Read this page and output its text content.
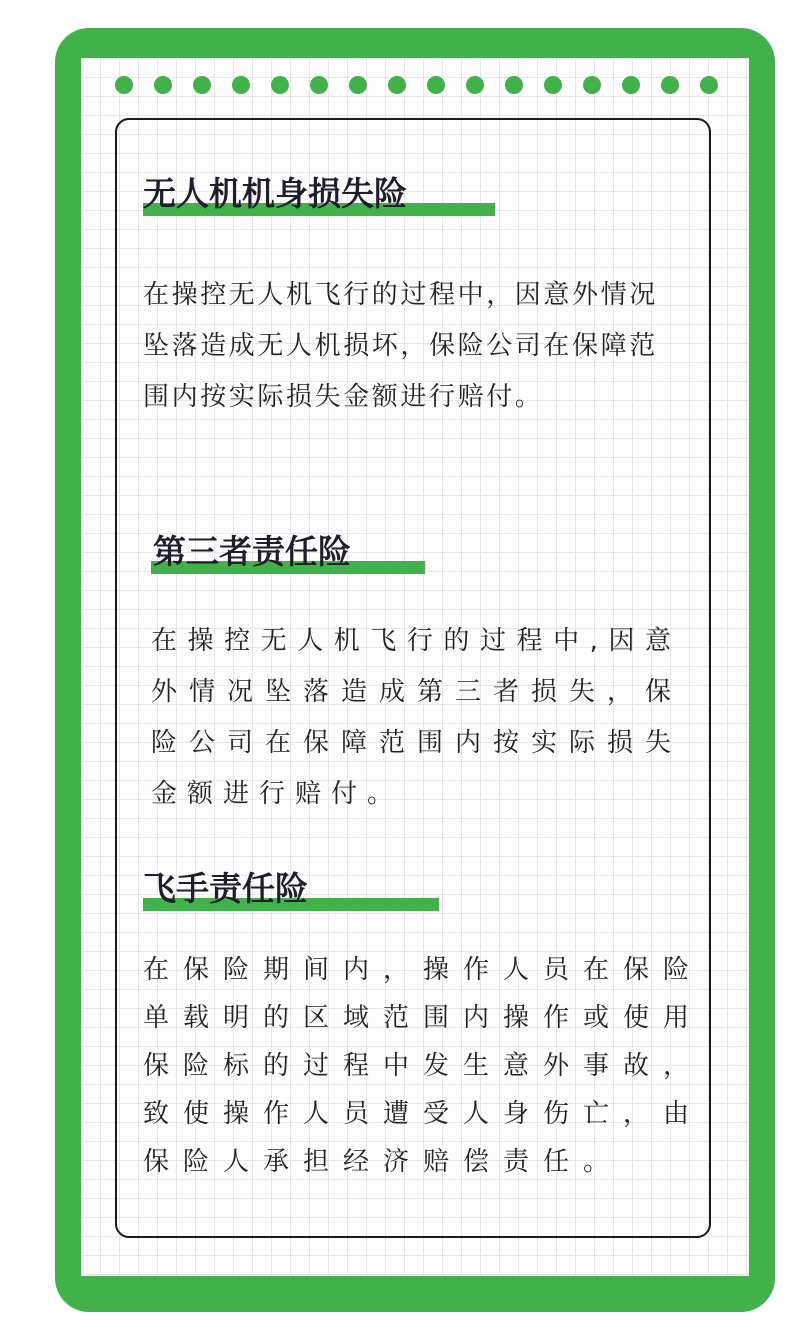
无人机机身损失险
在操控无人机飞行的过程中，因意外情况坠落造成无人机损坏，保险公司在保障范围内按实际损失金额进行赔付。
第三者责任险
在操控无人机飞行的过程中,因意外情况坠落造成第三者损失，保险公司在保障范围内按实际损失金额进行赔付。
飞手责任险
在保险期间内，操作人员在保险单载明的区域范围内操作或使用保险标的过程中发生意外事故，致使操作人员遭受人身伤亡，由保险人承担经济赔偿责任。
